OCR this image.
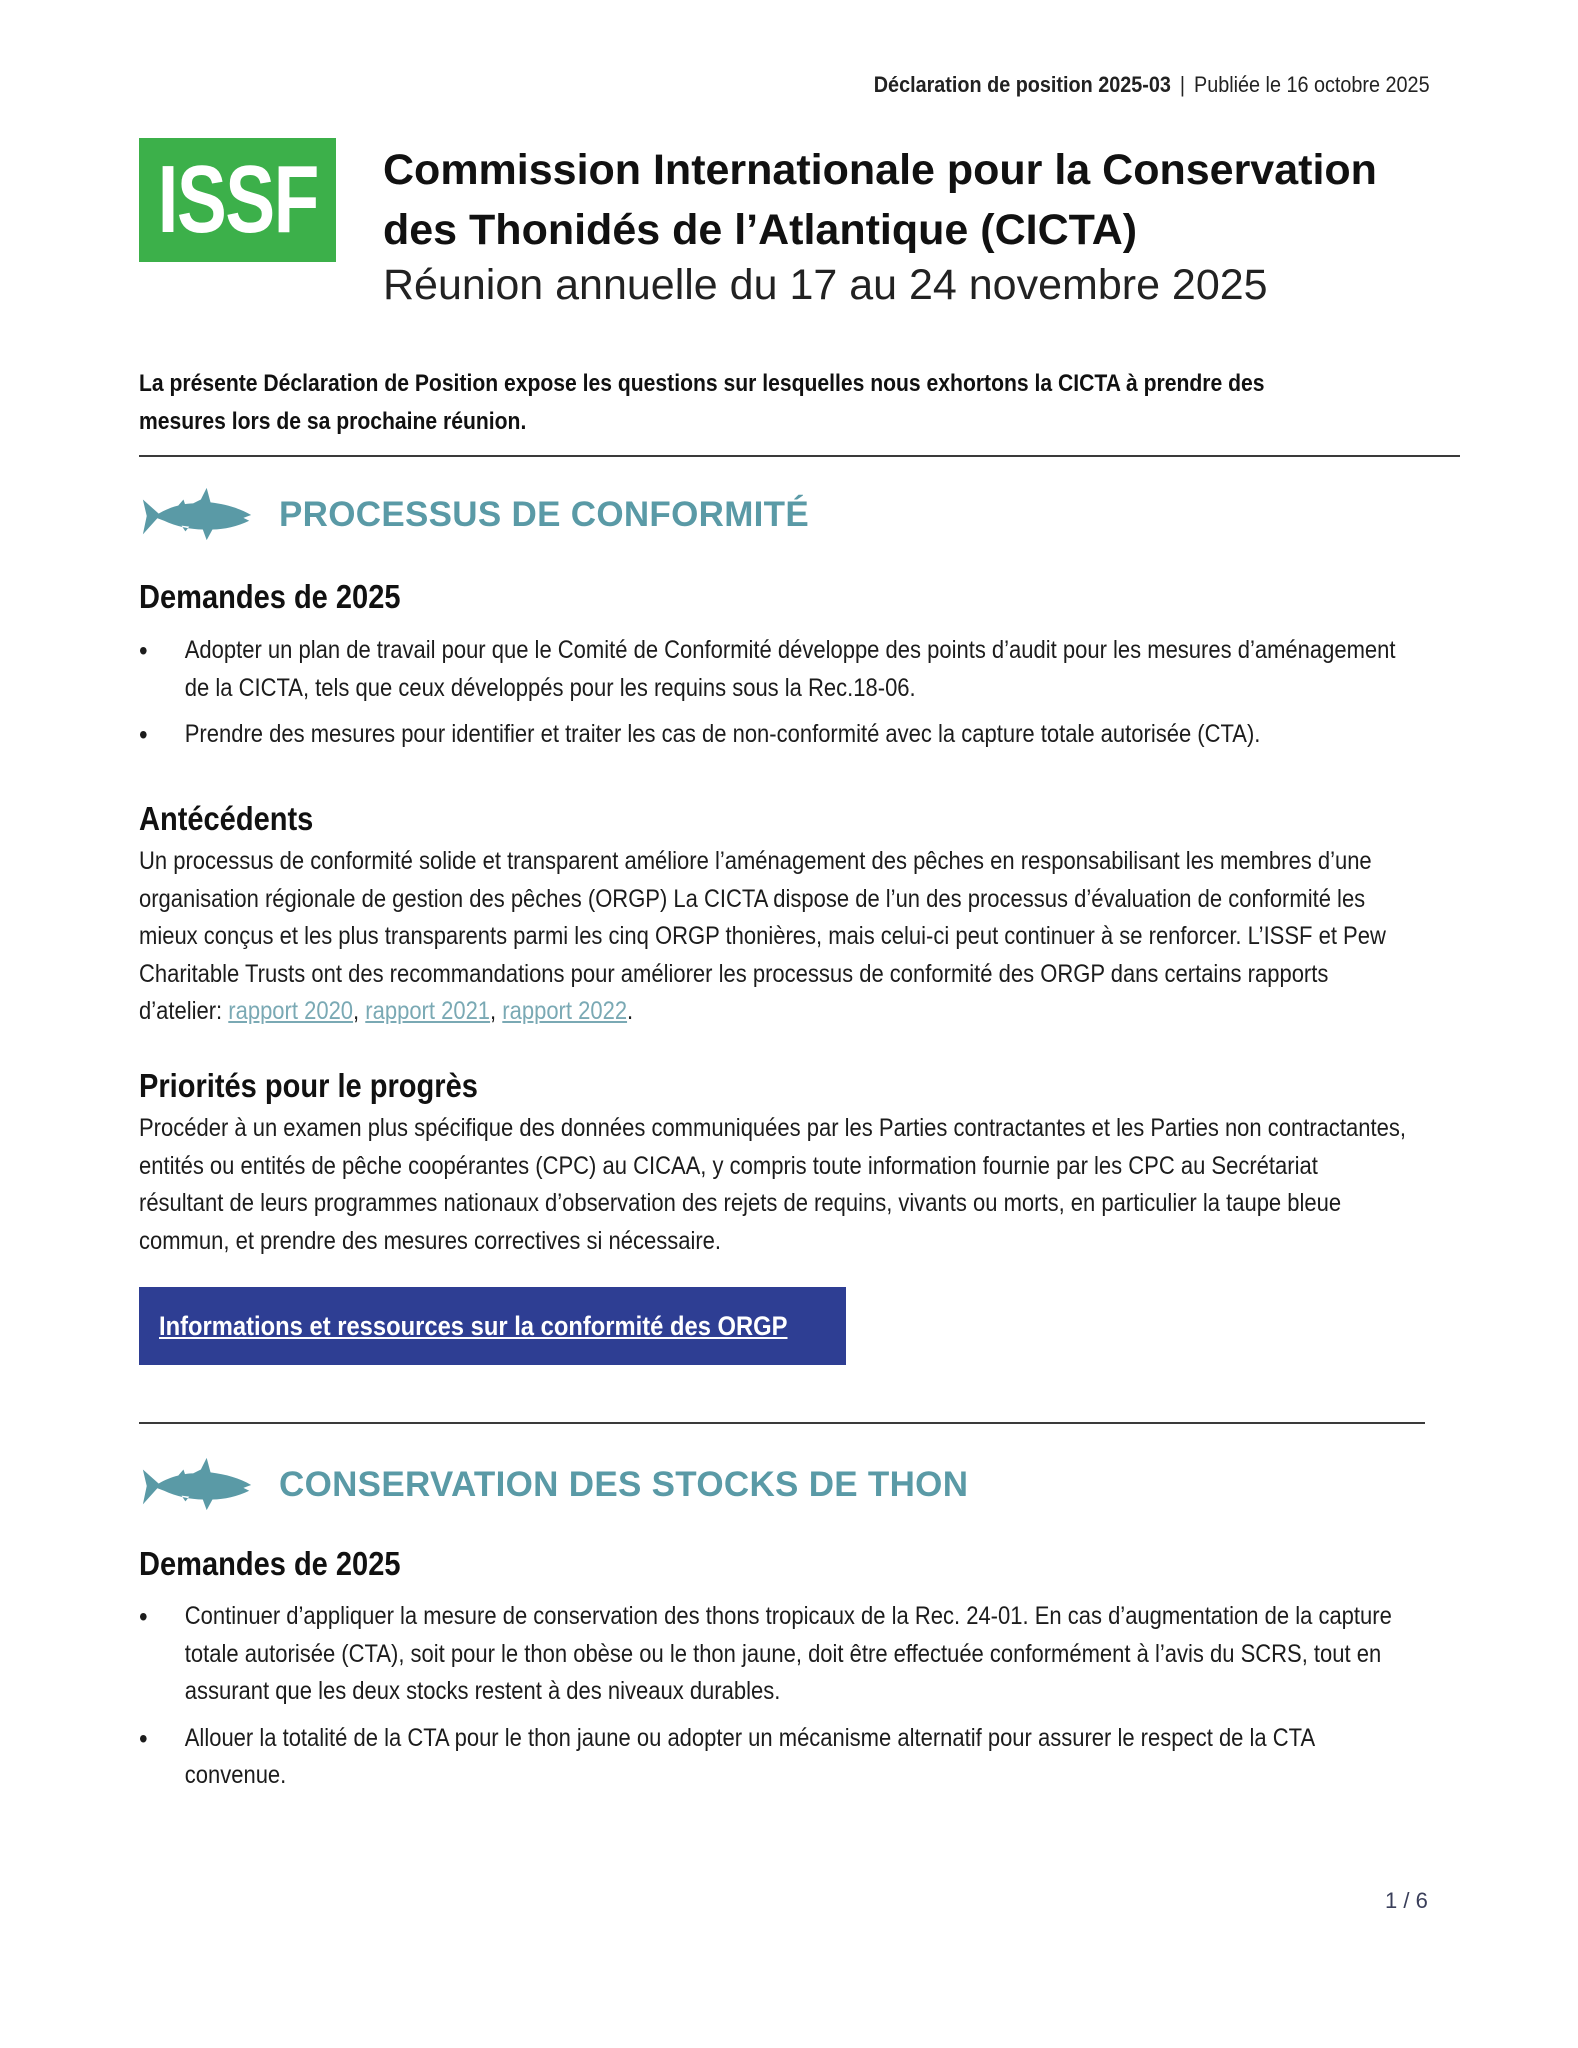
Déclaration de position 2025-03 | Publiée le 16 octobre 2025
ISSF Commission Internationale pour la Conservation
des Thonidés de l’Atlantique (CICTA)
Réunion annuelle du 17 au 24 novembre 2025
La présente Déclaration de Position expose les questions sur lesquelles nous exhortons la CICTA à prendre des mesures lors de sa prochaine réunion.
PROCESSUS DE CONFORMITÉ
Demandes de 2025
• Adopter un plan de travail pour que le Comité de Conformité développe des points d’audit pour les mesures d’aménagement de la CICTA, tels que ceux développés pour les requins sous la Rec.18-06.
• Prendre des mesures pour identifier et traiter les cas de non-conformité avec la capture totale autorisée (CTA).
Antécédents
Un processus de conformité solide et transparent améliore l’aménagement des pêches en responsabilisant les membres d’une organisation régionale de gestion des pêches (ORGP) La CICTA dispose de l’un des processus d’évaluation de conformité les mieux conçus et les plus transparents parmi les cinq ORGP thonières, mais celui-ci peut continuer à se renforcer. L’ISSF et Pew Charitable Trusts ont des recommandations pour améliorer les processus de conformité des ORGP dans certains rapports d’atelier: rapport 2020, rapport 2021, rapport 2022.
Priorités pour le progrès
Procéder à un examen plus spécifique des données communiquées par les Parties contractantes et les Parties non contractantes, entités ou entités de pêche coopérantes (CPC) au CICAA, y compris toute information fournie par les CPC au Secrétariat résultant de leurs programmes nationaux d’observation des rejets de requins, vivants ou morts, en particulier la taupe bleue commun, et prendre des mesures correctives si nécessaire.
Informations et ressources sur la conformité des ORGP
CONSERVATION DES STOCKS DE THON
Demandes de 2025
• Continuer d’appliquer la mesure de conservation des thons tropicaux de la Rec. 24-01. En cas d’augmentation de la capture totale autorisée (CTA), soit pour le thon obèse ou le thon jaune, doit être effectuée conformément à l’avis du SCRS, tout en assurant que les deux stocks restent à des niveaux durables.
• Allouer la totalité de la CTA pour le thon jaune ou adopter un mécanisme alternatif pour assurer le respect de la CTA convenue.
1 / 6
